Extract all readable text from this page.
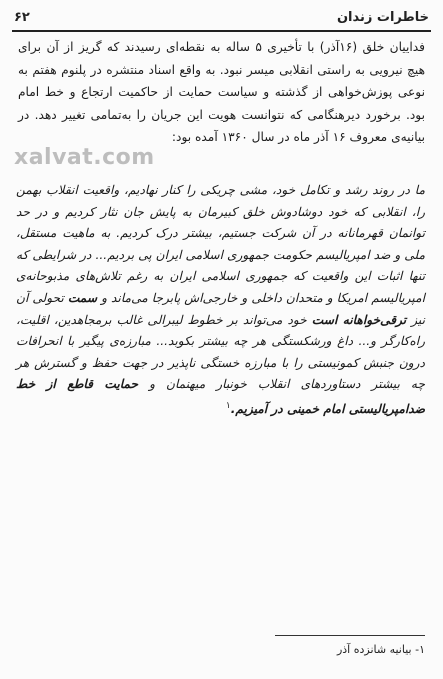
۶۲	خاطرات زندان

فداییان خلق (۱۶آذر) با تأخیری ۵ ساله به نقطه‌ای رسیدند که گریز از آن برای هیچ نیرویی به راستی انقلابی میسر نبود. به واقع اسناد منتشره در پلنوم هفتم به نوعی پوزش‌خواهی از گذشته و سیاست حمایت از حاکمیت ارتجاع و خط امام بود. برخورد دیرهنگامی که نتوانست هویت این جریان را به‌تمامی تغییر دهد. در بیانیه‌ی معروف ۱۶ آذر ماه در سال ۱۳۶۰ آمده بود:

xalvat.com

ما در روند رشد و تکامل خود، مشی چریکی را کنار نهادیم، واقعیت انقلاب بهمن را، انقلابی که خود دوشادوش خلق کبیرمان به پایش جان نثار کردیم و در حد توانمان قهرمانانه در آن شرکت جستیم، بیشتر درک کردیم. به ماهیت مستقل، ملی و ضد امپریالیسم حکومت جمهوری اسلامی ایران پی بردیم... در شرایطی که تنها اثبات این واقعیت که جمهوری اسلامی ایران به رغم تلاش‌های مذبوحانه‌ی امپریالیسم امریکا و متحدان داخلی و خارجی‌اش پابرجا می‌ماند و سمت تحولی آن نیز ترقی‌خواهانه است خود می‌تواند بر خطوط لیبرالی غالب برمجاهدین، اقلیت، راه‌کارگر و... داغ ورشکستگی هر چه بیشتر بکوبد... مبارزه‌ی پیگیر با انحرافات درون جنبش کمونیستی را با مبارزه خستگی ناپذیر در جهت حفظ و گسترش هر چه بیشتر دستاوردهای انقلاب خونبار میهنمان و حمایت قاطع از خط ضدامپریالیستی امام خمینی در آمیزیم.$^۱$

۱- بیانیه شانزده آذر
